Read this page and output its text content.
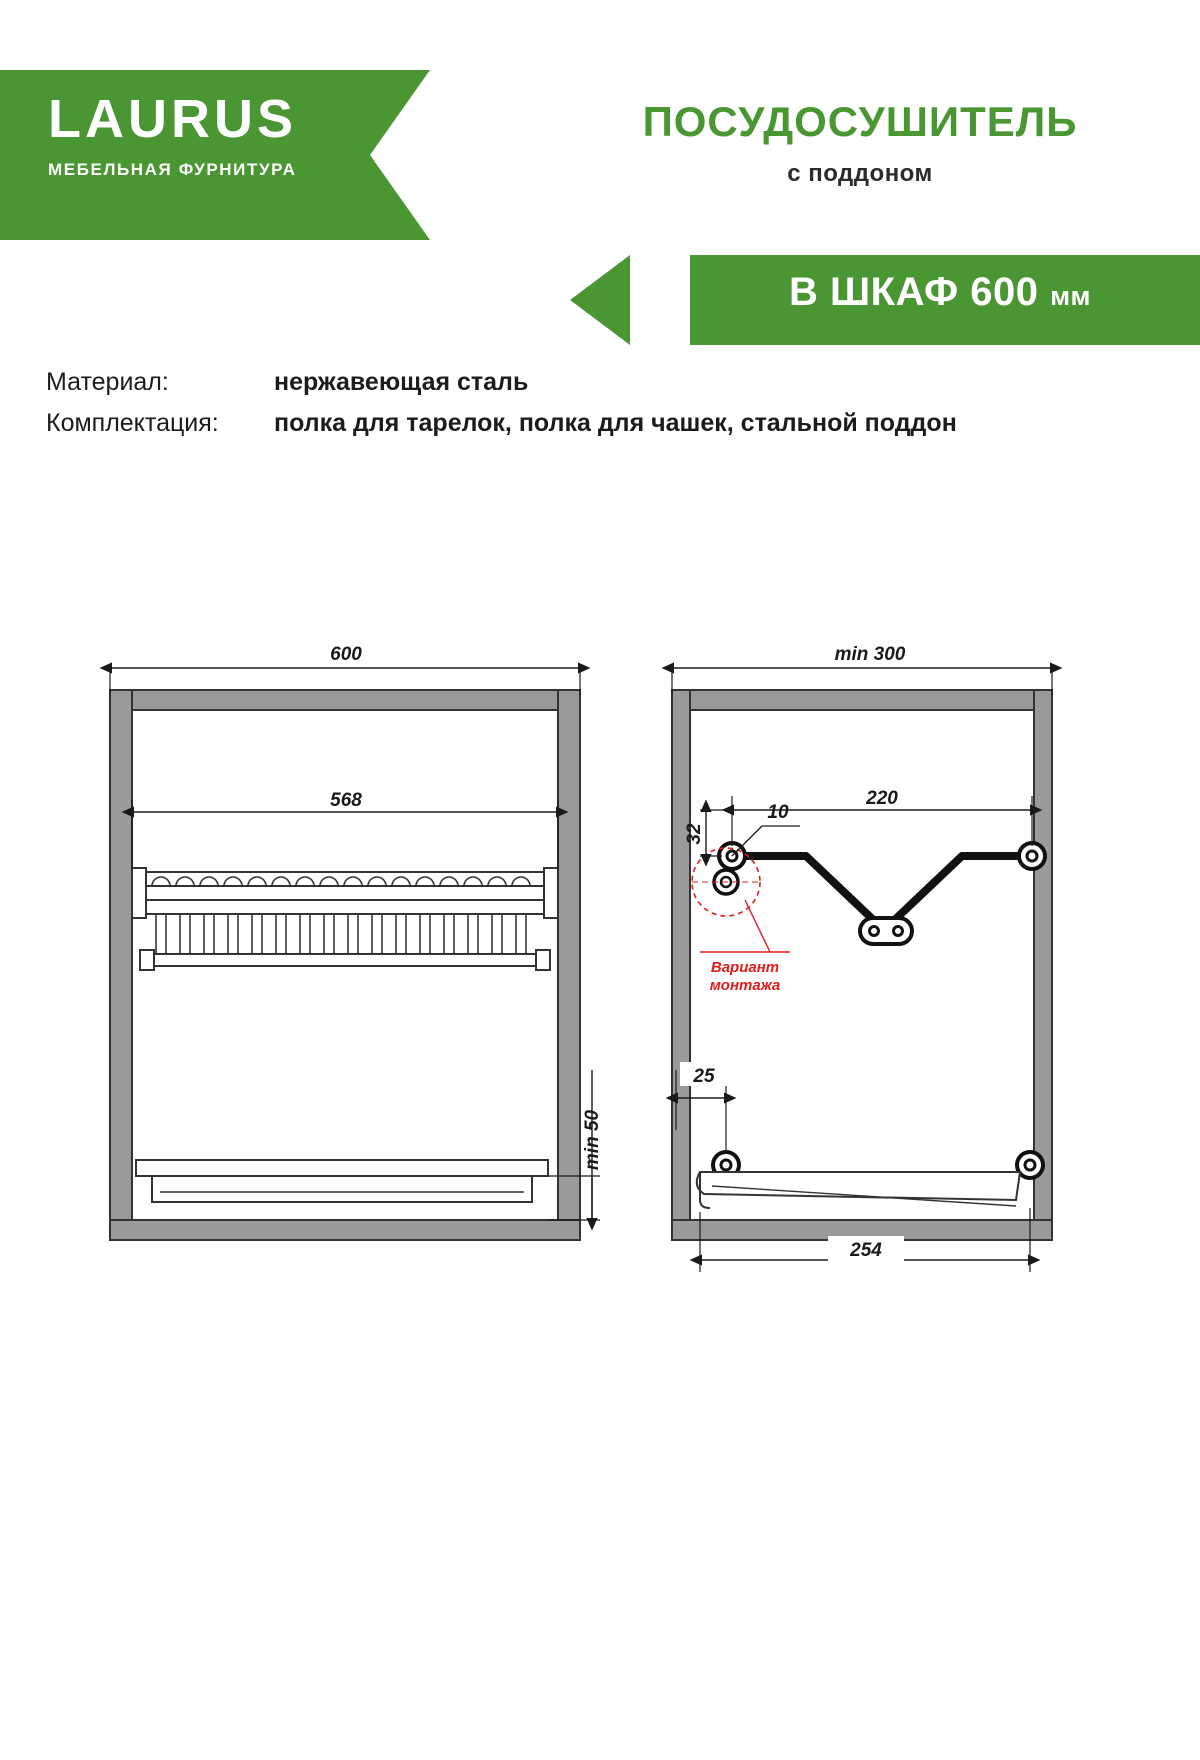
LAURUS
МЕБЕЛЬНАЯ ФУРНИТУРА
ПОСУДОСУШИТЕЛЬ
с поддоном
В ШКАФ 600 мм
Материал:	нержавеющая сталь
Комплектация:	полка для тарелок, полка для чашек, стальной поддон
600
568
min 50
Вариант
монтажа
min 300
220
32
10
25
254
